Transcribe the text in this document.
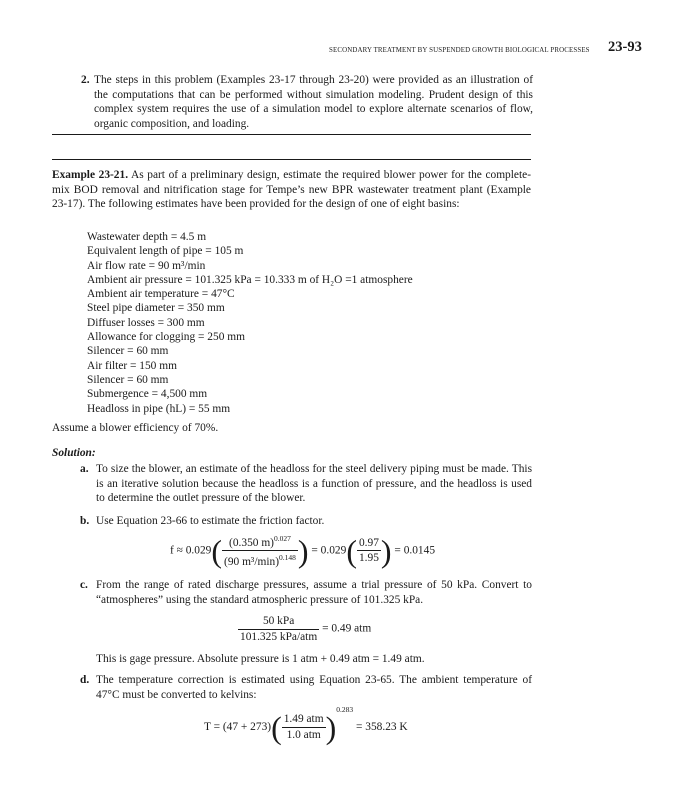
SECONDARY TREATMENT BY SUSPENDED GROWTH BIOLOGICAL PROCESSES 23-93
2. The steps in this problem (Examples 23-17 through 23-20) were provided as an illustration of the computations that can be performed without simulation modeling. Prudent design of this complex system requires the use of a simulation model to explore alternate scenarios of flow, organic composition, and loading.
Example 23-21. As part of a preliminary design, estimate the required blower power for the complete-mix BOD removal and nitrification stage for Tempe’s new BPR wastewater treatment plant (Example 23-17). The following estimates have been provided for the design of one of eight basins:
Wastewater depth = 4.5 m
Equivalent length of pipe = 105 m
Air flow rate = 90 m³/min
Ambient air pressure = 101.325 kPa = 10.333 m of H₂O =1 atmosphere
Ambient air temperature = 47°C
Steel pipe diameter = 350 mm
Diffuser losses = 300 mm
Allowance for clogging = 250 mm
Silencer = 60 mm
Air filter = 150 mm
Silencer = 60 mm
Submergence = 4,500 mm
Headloss in pipe (hL) = 55 mm
Assume a blower efficiency of 70%.
Solution:
a. To size the blower, an estimate of the headloss for the steel delivery piping must be made. This is an iterative solution because the headloss is a function of pressure, and the headloss is used to determine the outlet pressure of the blower.
b. Use Equation 23-66 to estimate the friction factor.
$f \approx 0.029( \frac{(0.350 m)^{0.027}}{(90 m^3/\min)^{0.148}}$ ) = $0.029( \frac{0.97}{1.95}$ ) = 0.0145
c. From the range of rated discharge pressures, assume a trial pressure of 50 kPa. Convert to “atmospheres” using the standard atmospheric pressure of 101.325 kPa.
$\frac{\text{50 kPa}}{\text{101.325 kPa/atm}} = 0.49$ atm
This is gage pressure. Absolute pressure is 1 atm + 0.49 atm = 1.49 atm.
d. The temperature correction is estimated using Equation 23-65. The ambient temperature of 47°C must be converted to kelvins:
$T = (47 + 273)( \frac{\text{1.49 atm}}{\text{1.0 atm}} )^{0.283} = 358.23$ K
